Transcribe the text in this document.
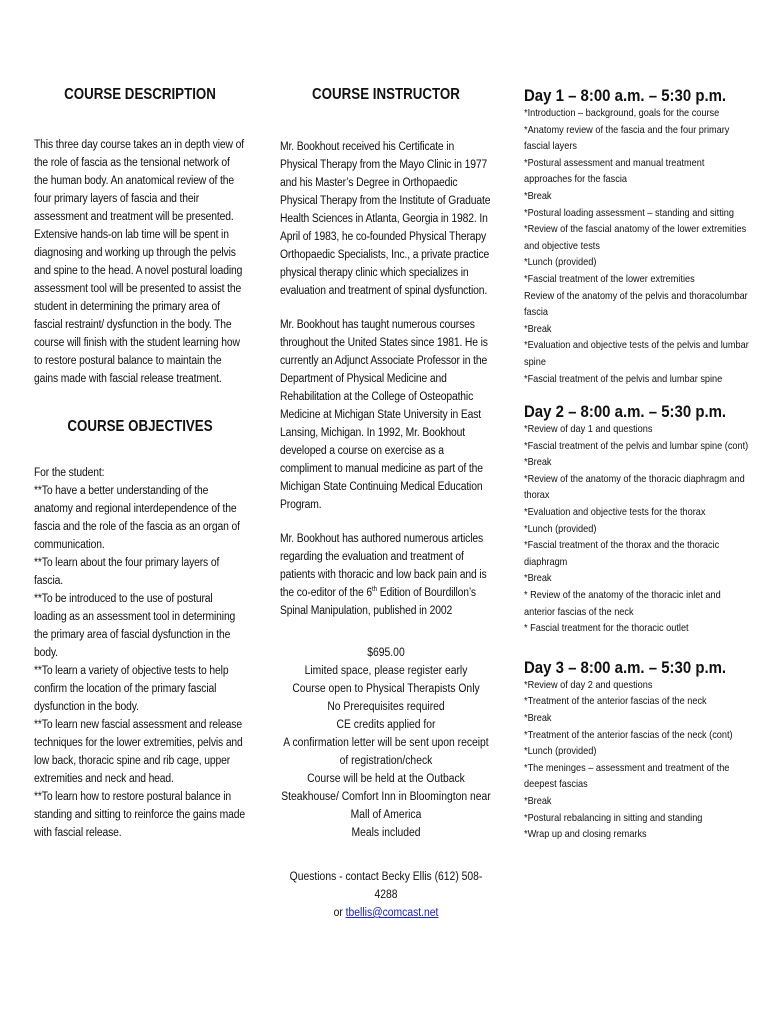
COURSE DESCRIPTION

This three day course takes an in depth view of the role of fascia as the tensional network of the human body. An anatomical review of the four primary layers of fascia and their assessment and treatment will be presented. Extensive hands-on lab time will be spent in diagnosing and working up through the pelvis and spine to the head. A novel postural loading assessment tool will be presented to assist the student in determining the primary area of fascial restraint/ dysfunction in the body. The course will finish with the student learning how to restore postural balance to maintain the gains made with fascial release treatment.

COURSE OBJECTIVES
For the student:
**To have a better understanding of the anatomy and regional interdependence of the fascia and the role of the fascia as an organ of communication.
**To learn about the four primary layers of fascia.
**To be introduced to the use of postural loading as an assessment tool in determining the primary area of fascial dysfunction in the body.
**To learn a variety of objective tests to help confirm the location of the primary fascial dysfunction in the body.
**To learn new fascial assessment and release techniques for the lower extremities, pelvis and low back, thoracic spine and rib cage, upper extremities and neck and head.
**To learn how to restore postural balance in standing and sitting to reinforce the gains made with fascial release.
COURSE INSTRUCTOR

Mr. Bookhout received his Certificate in Physical Therapy from the Mayo Clinic in 1977 and his Master’s Degree in Orthopaedic Physical Therapy from the Institute of Graduate Health Sciences in Atlanta, Georgia in 1982. In April of 1983, he co-founded Physical Therapy Orthopaedic Specialists, Inc., a private practice physical therapy clinic which specializes in evaluation and treatment of spinal dysfunction.

Mr. Bookhout has taught numerous courses throughout the United States since 1981. He is currently an Adjunct Associate Professor in the Department of Physical Medicine and Rehabilitation at the College of Osteopathic Medicine at Michigan State University in East Lansing, Michigan. In 1992, Mr. Bookhout developed a course on exercise as a compliment to manual medicine as part of the Michigan State Continuing Medical Education Program.

Mr. Bookhout has authored numerous articles regarding the evaluation and treatment of patients with thoracic and low back pain and is the co-editor of the 6th Edition of Bourdillon’s Spinal Manipulation, published in 2002

$695.00
Limited space, please register early
Course open to Physical Therapists Only
No Prerequisites required
CE credits applied for
A confirmation letter will be sent upon receipt of registration/check
Course will be held at the Outback Steakhouse/ Comfort Inn in Bloomington near Mall of America
Meals included
Questions - contact Becky Ellis (612) 508-4288
or tbellis@comcast.net
Day 1 – 8:00 a.m. – 5:30 p.m.
*Introduction – background, goals for the course
*Anatomy review of the fascia and the four primary fascial layers
*Postural assessment and manual treatment approaches for the fascia
*Break
*Postural loading assessment – standing and sitting
*Review of the fascial anatomy of the lower extremities and objective tests
*Lunch (provided)
*Fascial treatment of the lower extremities
Review of the anatomy of the pelvis and thoracolumbar fascia
*Break
*Evaluation and objective tests of the pelvis and lumbar spine
*Fascial treatment of the pelvis and lumbar spine
Day 2 – 8:00 a.m. – 5:30 p.m.
*Review of day 1 and questions
*Fascial treatment of the pelvis and lumbar spine (cont)
*Break
*Review of the anatomy of the thoracic diaphragm and thorax
*Evaluation and objective tests for the thorax
*Lunch (provided)
*Fascial treatment of the thorax and the thoracic diaphragm
*Break
* Review of the anatomy of the thoracic inlet and anterior fascias of the neck
* Fascial treatment for the thoracic outlet
Day 3 – 8:00 a.m. – 5:30 p.m.
*Review of day 2 and questions
*Treatment of the anterior fascias of the neck
*Break
*Treatment of the anterior fascias of the neck (cont)
*Lunch (provided)
*The meninges – assessment and treatment of the deepest fascias
*Break
*Postural rebalancing in sitting and standing
*Wrap up and closing remarks
